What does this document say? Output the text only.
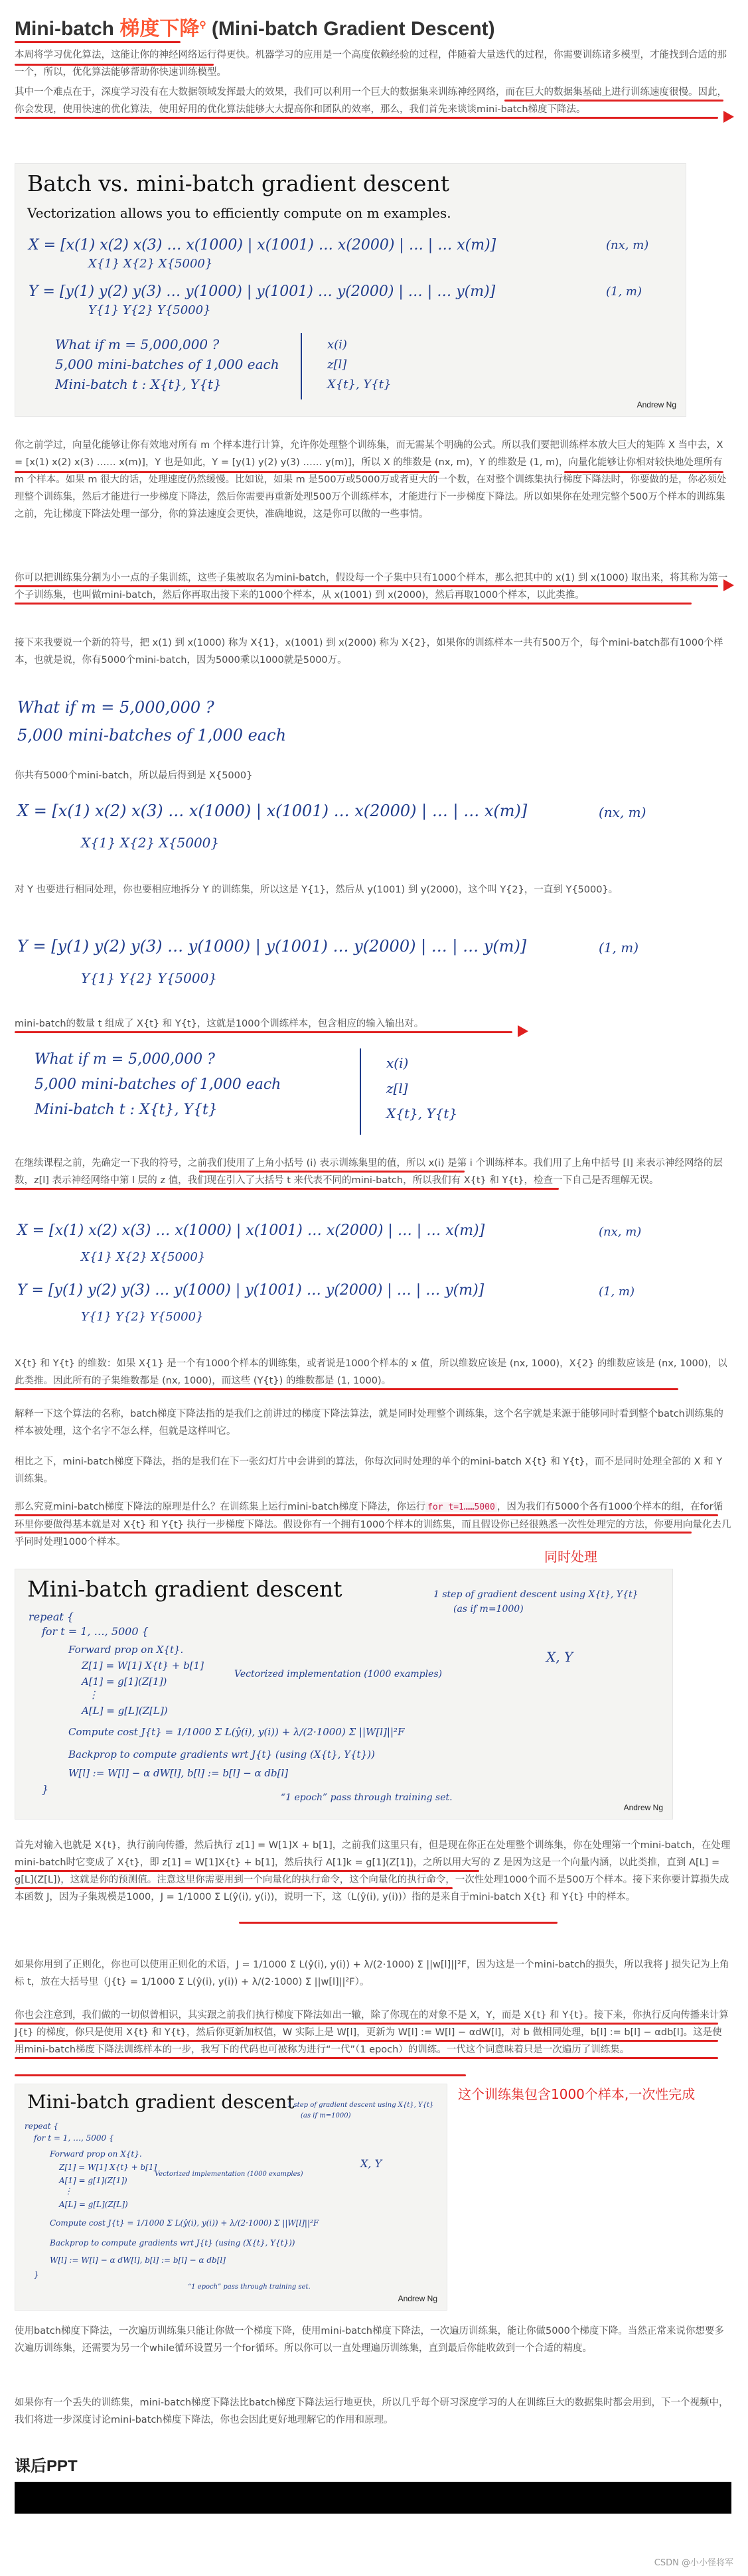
Mini-batch 梯度下降⚲ (Mini-batch Gradient Descent)

本周将学习优化算法，这能让你的神经网络运行得更快。机器学习的应用是一个高度依赖经验的过程，伴随着大量迭代的过程，你需要训练诸多模型，才能找到合适的那一个，所以，优化算法能够帮助你快速训练模型。

其中一个难点在于，深度学习没有在大数据领域发挥最大的效果，我们可以利用一个巨大的数据集来训练神经网络，而在巨大的数据集基础上进行训练速度很慢。因此，你会发现，使用快速的优化算法，使用好用的优化算法能够大大提高你和团队的效率，那么，我们首先来谈谈mini-batch梯度下降法。

Batch vs. mini-batch gradient descent
Vectorization allows you to efficiently compute on m examples.
X = [x(1) x(2) x(3) … x(1000) | x(1001) … x(2000) | … | … x(m)]	(nx, m)
X{1} X{2} X{5000}
Y = [y(1) y(2) y(3) … y(1000) | y(1001) … y(2000) | … | … y(m)]	(1, m)
Y{1} Y{2} Y{5000}
What if m = 5,000,000 ?
5,000 mini-batches of 1,000 each
Mini-batch t : X{t}, Y{t}
x(i)
z[l]
X{t}, Y{t}
Andrew Ng

你之前学过，向量化能够让你有效地对所有 m 个样本进行计算，允许你处理整个训练集，而无需某个明确的公式。所以我们要把训练样本放大巨大的矩阵 X 当中去，X = [x(1) x(2) x(3) …… x(m)]，Y 也是如此，Y = [y(1) y(2) y(3) …… y(m)]，所以 X 的维数是 (nx, m)，Y 的维数是 (1, m)，向量化能够让你相对较快地处理所有 m 个样本。如果 m 很大的话，处理速度仍然缓慢。比如说，如果 m 是500万或5000万或者更大的一个数，在对整个训练集执行梯度下降法时，你要做的是，你必须处理整个训练集，然后才能进行一步梯度下降法，然后你需要再重新处理500万个训练样本，才能进行下一步梯度下降法。所以如果你在处理完整个500万个样本的训练集之前，先让梯度下降法处理一部分，你的算法速度会更快，准确地说，这是你可以做的一些事情。

你可以把训练集分割为小一点的子集训练，这些子集被取名为mini-batch，假设每一个子集中只有1000个样本，那么把其中的 x(1) 到 x(1000) 取出来，将其称为第一个子训练集，也叫做mini-batch，然后你再取出接下来的1000个样本，从 x(1001) 到 x(2000)，然后再取1000个样本，以此类推。

接下来我要说一个新的符号，把 x(1) 到 x(1000) 称为 X{1}，x(1001) 到 x(2000) 称为 X{2}，如果你的训练样本一共有500万个，每个mini-batch都有1000个样本，也就是说，你有5000个mini-batch，因为5000乘以1000就是5000万。

What if m = 5,000,000 ?
5,000 mini-batches of 1,000 each

你共有5000个mini-batch，所以最后得到是 X{5000}

X = [x(1) x(2) x(3) … x(1000) | x(1001) … x(2000) | … | … x(m)]	(nx, m)
X{1} X{2} X{5000}

对 Y 也要进行相同处理，你也要相应地拆分 Y 的训练集，所以这是 Y{1}，然后从 y(1001) 到 y(2000)，这个叫 Y{2}，一直到 Y{5000}。

Y = [y(1) y(2) y(3) … y(1000) | y(1001) … y(2000) | … | … y(m)]	(1, m)
Y{1} Y{2} Y{5000}

mini-batch的数量 t 组成了 X{t} 和 Y{t}，这就是1000个训练样本，包含相应的输入输出对。

What if m = 5,000,000 ?
5,000 mini-batches of 1,000 each
Mini-batch t : X{t}, Y{t}
x(i)
z[l]
X{t}, Y{t}

在继续课程之前，先确定一下我的符号，之前我们使用了上角小括号 (i) 表示训练集里的值，所以 x(i) 是第 i 个训练样本。我们用了上角中括号 [l] 来表示神经网络的层数，z[l] 表示神经网络中第 l 层的 z 值，我们现在引入了大括号 t 来代表不同的mini-batch，所以我们有 X{t} 和 Y{t}，检查一下自己是否理解无误。

X = [x(1) x(2) x(3) … x(1000) | x(1001) … x(2000) | … | … x(m)]	(nx, m)
X{1} X{2} X{5000}
Y = [y(1) y(2) y(3) … y(1000) | y(1001) … y(2000) | … | … y(m)]	(1, m)
Y{1} Y{2} Y{5000}

X{t} 和 Y{t} 的维数：如果 X{1} 是一个有1000个样本的训练集，或者说是1000个样本的 x 值，所以维数应该是 (nx, 1000)，X{2} 的维数应该是 (nx, 1000)，以此类推。因此所有的子集维数都是 (nx, 1000)，而这些 (Y{t}) 的维数都是 (1, 1000)。

解释一下这个算法的名称，batch梯度下降法指的是我们之前讲过的梯度下降法算法，就是同时处理整个训练集，这个名字就是来源于能够同时看到整个batch训练集的样本被处理，这个名字不怎么样，但就是这样叫它。

相比之下，mini-batch梯度下降法，指的是我们在下一张幻灯片中会讲到的算法，你每次同时处理的单个的mini-batch X{t} 和 Y{t}，而不是同时处理全部的 X 和 Y 训练集。

那么究竟mini-batch梯度下降法的原理是什么？在训练集上运行mini-batch梯度下降法，你运行 for t=1……5000 ，因为我们有5000个各有1000个样本的组，在for循环里你要做得基本就是对 X{t} 和 Y{t} 执行一步梯度下降法。假设你有一个拥有1000个样本的训练集，而且假设你已经很熟悉一次性处理完的方法，你要用向量化去几乎同时处理1000个样本。

同时处理
Mini-batch gradient descent
repeat {
for t = 1, …, 5000 {
Forward prop on X{t}.
Z[1] = W[1] X{t} + b[1]
A[1] = g[1](Z[1])
⋮
A[L] = g[L](Z[L])
Compute cost J{t} = 1/1000 Σ L(ŷ(i), y(i)) + λ/(2·1000) Σ ||W[l]||²F
Backprop to compute gradients wrt J{t} (using (X{t}, Y{t}))
W[l] := W[l] − α dW[l], b[l] := b[l] − α db[l]
}
1 step of gradient descent using X{t}, Y{t}
(as if m=1000)
Vectorized implementation (1000 examples)
X, Y
“1 epoch” pass through training set.
Andrew Ng

首先对输入也就是 X{t}，执行前向传播，然后执行 z[1] = W[1]X + b[1]，之前我们这里只有，但是现在你正在处理整个训练集，你在处理第一个mini-batch，在处理mini-batch时它变成了 X{t}，即 z[1] = W[1]X{t} + b[1]，然后执行 A[1]k = g[1](Z[1])，之所以用大写的 Z 是因为这是一个向量内涵，以此类推，直到 A[L] = g[L](Z[L])，这就是你的预测值。注意这里你需要用到一个向量化的执行命令，这个向量化的执行命令，一次性处理1000个而不是500万个样本。接下来你要计算损失成本函数 J，因为子集规模是1000，J = 1/1000 Σ L(ŷ(i), y(i))，说明一下，这（L(ŷ(i), y(i))）指的是来自于mini-batch X{t} 和 Y{t} 中的样本。

如果你用到了正则化，你也可以使用正则化的术语，J = 1/1000 Σ L(ŷ(i), y(i)) + λ/(2·1000) Σ ||w[l]||²F，因为这是一个mini-batch的损失，所以我将 J 损失记为上角标 t，放在大括号里（J{t} = 1/1000 Σ L(ŷ(i), y(i)) + λ/(2·1000) Σ ||w[l]||²F）。

你也会注意到，我们做的一切似曾相识，其实跟之前我们执行梯度下降法如出一辙，除了你现在的对象不是 X，Y，而是 X{t} 和 Y{t}。接下来，你执行反向传播来计算 J{t} 的梯度，你只是使用 X{t} 和 Y{t}，然后你更新加权值，W 实际上是 W[l]，更新为 W[l] := W[l] − αdW[l]，对 b 做相同处理，b[l] := b[l] − αdb[l]。这是使用mini-batch梯度下降法训练样本的一步，我写下的代码也可被称为进行“一代”（1 epoch）的训练。一代这个词意味着只是一次遍历了训练集。

这个训练集包含1000个样本,一次性完成
Mini-batch gradient descent
repeat {
for t = 1, …, 5000 {
Forward prop on X{t}.
Z[1] = W[1] X{t} + b[1]
A[1] = g[1](Z[1])
⋮
A[L] = g[L](Z[L])
Compute cost J{t} = 1/1000 Σ L(ŷ(i), y(i)) + λ/(2·1000) Σ ||W[l]||²F
Backprop to compute gradients wrt J{t} (using (X{t}, Y{t}))
W[l] := W[l] − α dW[l], b[l] := b[l] − α db[l]
}
1 step of gradient descent using X{t}, Y{t}
(as if m=1000)
Vectorized implementation (1000 examples)
X, Y
“1 epoch” pass through training set.
Andrew Ng

使用batch梯度下降法，一次遍历训练集只能让你做一个梯度下降，使用mini-batch梯度下降法，一次遍历训练集，能让你做5000个梯度下降。当然正常来说你想要多次遍历训练集，还需要为另一个while循环设置另一个for循环。所以你可以一直处理遍历训练集，直到最后你能收敛到一个合适的精度。

如果你有一个丢失的训练集，mini-batch梯度下降法比batch梯度下降法运行地更快，所以几乎每个研习深度学习的人在训练巨大的数据集时都会用到，下一个视频中，我们将进一步深度讨论mini-batch梯度下降法，你也会因此更好地理解它的作用和原理。

课后PPT
CSDN @小小怪将军
